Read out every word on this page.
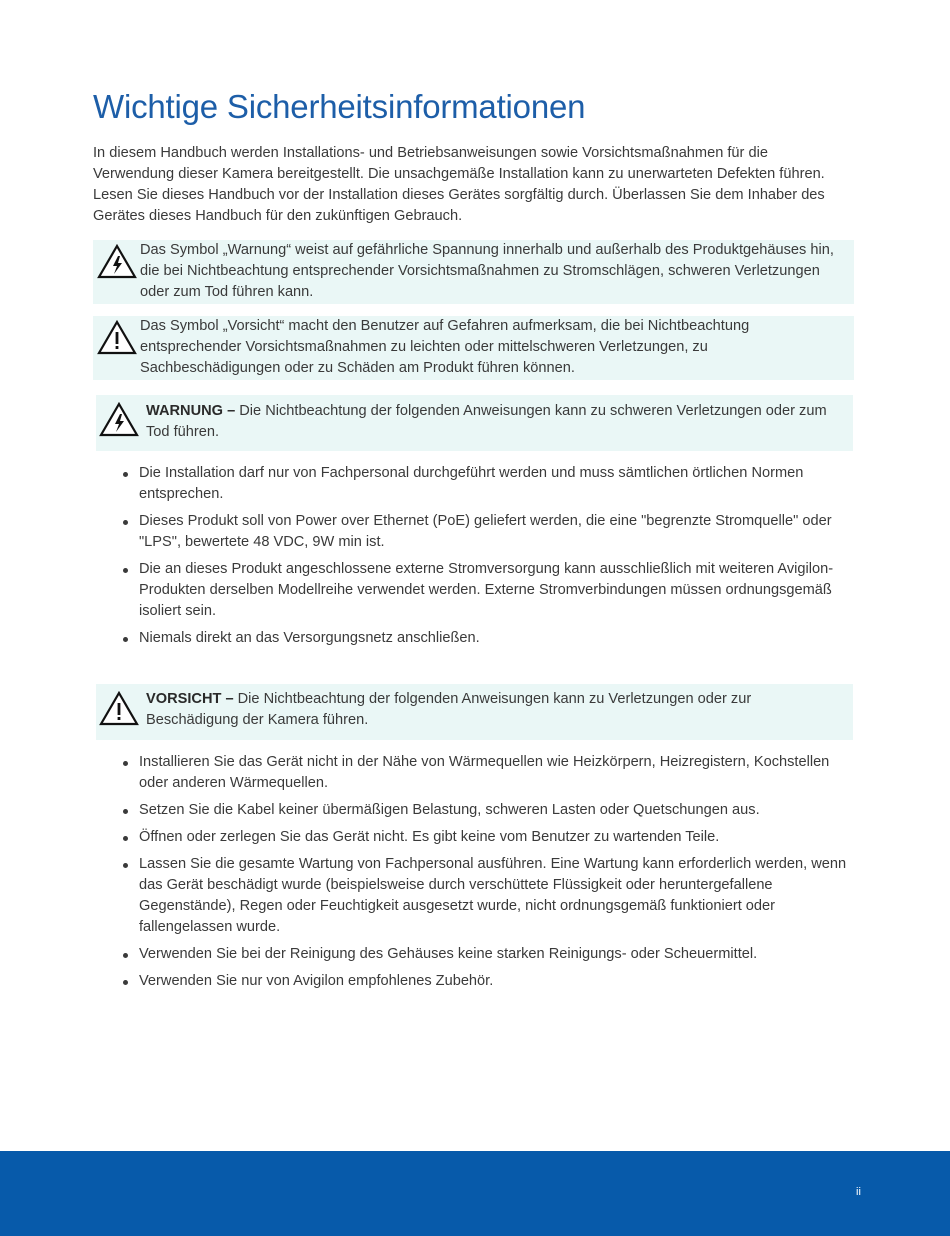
Wichtige Sicherheitsinformationen

In diesem Handbuch werden Installations- und Betriebsanweisungen sowie Vorsichtsmaßnahmen für die Verwendung dieser Kamera bereitgestellt. Die unsachgemäße Installation kann zu unerwarteten Defekten führen. Lesen Sie dieses Handbuch vor der Installation dieses Gerätes sorgfältig durch. Überlassen Sie dem Inhaber des Gerätes dieses Handbuch für den zukünftigen Gebrauch.

Das Symbol „Warnung“ weist auf gefährliche Spannung innerhalb und außerhalb des Produktgehäuses hin, die bei Nichtbeachtung entsprechender Vorsichtsmaßnahmen zu Stromschlägen, schweren Verletzungen oder zum Tod führen kann.

Das Symbol „Vorsicht“ macht den Benutzer auf Gefahren aufmerksam, die bei Nichtbeachtung entsprechender Vorsichtsmaßnahmen zu leichten oder mittelschweren Verletzungen, zu Sachbeschädigungen oder zu Schäden am Produkt führen können.

WARNUNG – Die Nichtbeachtung der folgenden Anweisungen kann zu schweren Verletzungen oder zum Tod führen.

Die Installation darf nur von Fachpersonal durchgeführt werden und muss sämtlichen örtlichen Normen entsprechen.
Dieses Produkt soll von Power over Ethernet (PoE) geliefert werden, die eine "begrenzte Stromquelle" oder "LPS", bewertete 48 VDC, 9W min ist.
Die an dieses Produkt angeschlossene externe Stromversorgung kann ausschließlich mit weiteren Avigilon-Produkten derselben Modellreihe verwendet werden. Externe Stromverbindungen müssen ordnungsgemäß isoliert sein.
Niemals direkt an das Versorgungsnetz anschließen.

VORSICHT – Die Nichtbeachtung der folgenden Anweisungen kann zu Verletzungen oder zur Beschädigung der Kamera führen.

Installieren Sie das Gerät nicht in der Nähe von Wärmequellen wie Heizkörpern, Heizregistern, Kochstellen oder anderen Wärmequellen.
Setzen Sie die Kabel keiner übermäßigen Belastung, schweren Lasten oder Quetschungen aus.
Öffnen oder zerlegen Sie das Gerät nicht. Es gibt keine vom Benutzer zu wartenden Teile.
Lassen Sie die gesamte Wartung von Fachpersonal ausführen. Eine Wartung kann erforderlich werden, wenn das Gerät beschädigt wurde (beispielsweise durch verschüttete Flüssigkeit oder heruntergefallene Gegenstände), Regen oder Feuchtigkeit ausgesetzt wurde, nicht ordnungsgemäß funktioniert oder fallengelassen wurde.
Verwenden Sie bei der Reinigung des Gehäuses keine starken Reinigungs- oder Scheuermittel.
Verwenden Sie nur von Avigilon empfohlenes Zubehör.
ii
